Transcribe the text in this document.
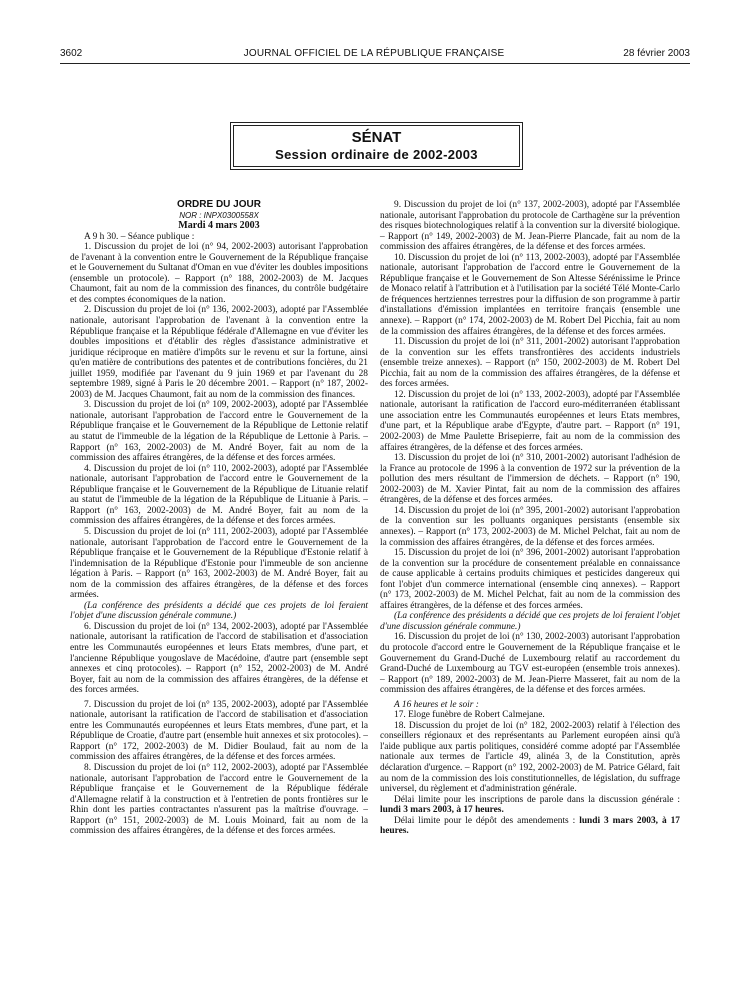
3602	JOURNAL OFFICIEL DE LA RÉPUBLIQUE FRANÇAISE	28 février 2003
SÉNAT
Session ordinaire de 2002-2003

ORDRE DU JOUR

NOR : INPX0300558X

Mardi 4 mars 2003

A 9 h 30. – Séance publique :

1. Discussion du projet de loi (n° 94, 2002-2003) autorisant l'approbation de l'avenant à la convention entre le Gouvernement de la République française et le Gouvernement du Sultanat d'Oman en vue d'éviter les doubles impositions (ensemble un protocole). – Rapport (n° 188, 2002-2003) de M. Jacques Chaumont, fait au nom de la commission des finances, du contrôle budgétaire et des comptes économiques de la nation.

2. Discussion du projet de loi (n° 136, 2002-2003), adopté par l'Assemblée nationale, autorisant l'approbation de l'avenant à la convention entre la République française et la République fédérale d'Allemagne en vue d'éviter les doubles impositions et d'établir des règles d'assistance administrative et juridique réciproque en matière d'impôts sur le revenu et sur la fortune, ainsi qu'en matière de contributions des patentes et de contributions foncières, du 21 juillet 1959, modifiée par l'avenant du 9 juin 1969 et par l'avenant du 28 septembre 1989, signé à Paris le 20 décembre 2001. – Rapport (n° 187, 2002-2003) de M. Jacques Chaumont, fait au nom de la commission des finances.

3. Discussion du projet de loi (n° 109, 2002-2003), adopté par l'Assemblée nationale, autorisant l'approbation de l'accord entre le Gouvernement de la République française et le Gouvernement de la République de Lettonie relatif au statut de l'immeuble de la légation de la République de Lettonie à Paris. – Rapport (n° 163, 2002-2003) de M. André Boyer, fait au nom de la commission des affaires étrangères, de la défense et des forces armées.

4. Discussion du projet de loi (n° 110, 2002-2003), adopté par l'Assemblée nationale, autorisant l'approbation de l'accord entre le Gouvernement de la République française et le Gouvernement de la République de Lituanie relatif au statut de l'immeuble de la légation de la République de Lituanie à Paris. – Rapport (n° 163, 2002-2003) de M. André Boyer, fait au nom de la commission des affaires étrangères, de la défense et des forces armées.

5. Discussion du projet de loi (n° 111, 2002-2003), adopté par l'Assemblée nationale, autorisant l'approbation de l'accord entre le Gouvernement de la République française et le Gouvernement de la République d'Estonie relatif à l'indemnisation de la République d'Estonie pour l'immeuble de son ancienne légation à Paris. – Rapport (n° 163, 2002-2003) de M. André Boyer, fait au nom de la commission des affaires étrangères, de la défense et des forces armées.

(La conférence des présidents a décidé que ces projets de loi feraient l'objet d'une discussion générale commune.)

6. Discussion du projet de loi (n° 134, 2002-2003), adopté par l'Assemblée nationale, autorisant la ratification de l'accord de stabilisation et d'association entre les Communautés européennes et leurs Etats membres, d'une part, et l'ancienne République yougoslave de Macédoine, d'autre part (ensemble sept annexes et cinq protocoles). – Rapport (n° 152, 2002-2003) de M. André Boyer, fait au nom de la commission des affaires étrangères, de la défense et des forces armées.

7. Discussion du projet de loi (n° 135, 2002-2003), adopté par l'Assemblée nationale, autorisant la ratification de l'accord de stabilisation et d'association entre les Communautés européennes et leurs Etats membres, d'une part, et la République de Croatie, d'autre part (ensemble huit annexes et six protocoles). – Rapport (n° 172, 2002-2003) de M. Didier Boulaud, fait au nom de la commission des affaires étrangères, de la défense et des forces armées.

8. Discussion du projet de loi (n° 112, 2002-2003), adopté par l'Assemblée nationale, autorisant l'approbation de l'accord entre le Gouvernement de la République française et le Gouvernement de la République fédérale d'Allemagne relatif à la construction et à l'entretien de ponts frontières sur le Rhin dont les parties contractantes n'assurent pas la maîtrise d'ouvrage. – Rapport (n° 151, 2002-2003) de M. Louis Moinard, fait au nom de la commission des affaires étrangères, de la défense et des forces armées.

9. Discussion du projet de loi (n° 137, 2002-2003), adopté par l'Assemblée nationale, autorisant l'approbation du protocole de Carthagène sur la prévention des risques biotechnologiques relatif à la convention sur la diversité biologique. – Rapport (n° 149, 2002-2003) de M. Jean-Pierre Plancade, fait au nom de la commission des affaires étrangères, de la défense et des forces armées.

10. Discussion du projet de loi (n° 113, 2002-2003), adopté par l'Assemblée nationale, autorisant l'approbation de l'accord entre le Gouvernement de la République française et le Gouvernement de Son Altesse Sérénissime le Prince de Monaco relatif à l'attribution et à l'utilisation par la société Télé Monte-Carlo de fréquences hertziennes terrestres pour la diffusion de son programme à partir d'installations d'émission implantées en territoire français (ensemble une annexe). – Rapport (n° 174, 2002-2003) de M. Robert Del Picchia, fait au nom de la commission des affaires étrangères, de la défense et des forces armées.

11. Discussion du projet de loi (n° 311, 2001-2002) autorisant l'approbation de la convention sur les effets transfrontières des accidents industriels (ensemble treize annexes). – Rapport (n° 150, 2002-2003) de M. Robert Del Picchia, fait au nom de la commission des affaires étrangères, de la défense et des forces armées.

12. Discussion du projet de loi (n° 133, 2002-2003), adopté par l'Assemblée nationale, autorisant la ratification de l'accord euro-méditerranéen établissant une association entre les Communautés européennes et leurs Etats membres, d'une part, et la République arabe d'Egypte, d'autre part. – Rapport (n° 191, 2002-2003) de Mme Paulette Brisepierre, fait au nom de la commission des affaires étrangères, de la défense et des forces armées.

13. Discussion du projet de loi (n° 310, 2001-2002) autorisant l'adhésion de la France au protocole de 1996 à la convention de 1972 sur la prévention de la pollution des mers résultant de l'immersion de déchets. – Rapport (n° 190, 2002-2003) de M. Xavier Pintat, fait au nom de la commission des affaires étrangères, de la défense et des forces armées.

14. Discussion du projet de loi (n° 395, 2001-2002) autorisant l'approbation de la convention sur les polluants organiques persistants (ensemble six annexes). – Rapport (n° 173, 2002-2003) de M. Michel Pelchat, fait au nom de la commission des affaires étrangères, de la défense et des forces armées.

15. Discussion du projet de loi (n° 396, 2001-2002) autorisant l'approbation de la convention sur la procédure de consentement préalable en connaissance de cause applicable à certains produits chimiques et pesticides dangereux qui font l'objet d'un commerce international (ensemble cinq annexes). – Rapport (n° 173, 2002-2003) de M. Michel Pelchat, fait au nom de la commission des affaires étrangères, de la défense et des forces armées.

(La conférence des présidents a décidé que ces projets de loi feraient l'objet d'une discussion générale commune.)

16. Discussion du projet de loi (n° 130, 2002-2003) autorisant l'approbation du protocole d'accord entre le Gouvernement de la République française et le Gouvernement du Grand-Duché de Luxembourg relatif au raccordement du Grand-Duché de Luxembourg au TGV est-européen (ensemble trois annexes). – Rapport (n° 189, 2002-2003) de M. Jean-Pierre Masseret, fait au nom de la commission des affaires étrangères, de la défense et des forces armées.

A 16 heures et le soir :

17. Eloge funèbre de Robert Calmejane.

18. Discussion du projet de loi (n° 182, 2002-2003) relatif à l'élection des conseillers régionaux et des représentants au Parlement européen ainsi qu'à l'aide publique aux partis politiques, considéré comme adopté par l'Assemblée nationale aux termes de l'article 49, alinéa 3, de la Constitution, après déclaration d'urgence. – Rapport (n° 192, 2002-2003) de M. Patrice Gélard, fait au nom de la commission des lois constitutionnelles, de législation, du suffrage universel, du règlement et d'administration générale.

Délai limite pour les inscriptions de parole dans la discussion générale : lundi 3 mars 2003, à 17 heures.

Délai limite pour le dépôt des amendements : lundi 3 mars 2003, à 17 heures.
